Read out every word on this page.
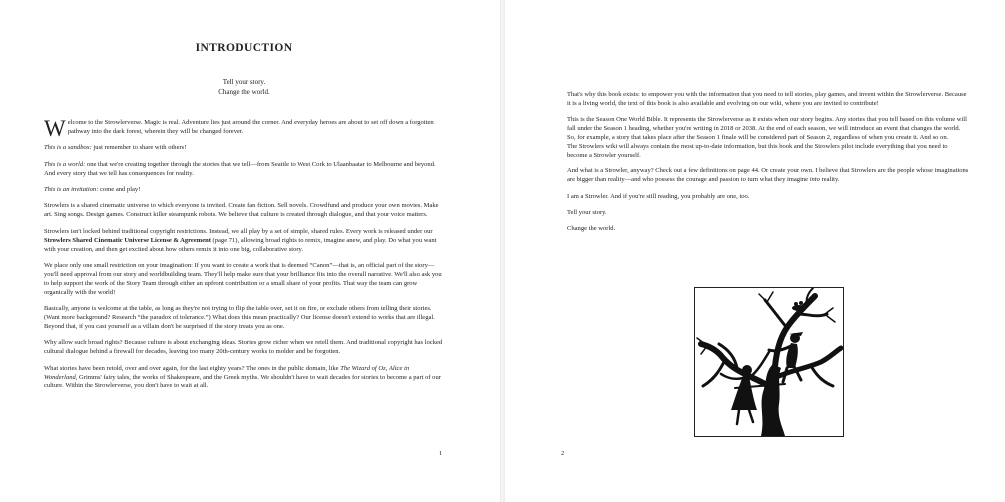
INTRODUCTION
Tell your story.
Change the world.

Welcome to the Strowlerverse. Magic is real. Adventure lies just around the corner. And everyday heroes are about to set off down a forgotten pathway into the dark forest, wherein they will be changed forever.

This is a sandbox: just remember to share with others!

This is a world: one that we're creating together through the stories that we tell—from Seattle to West Cork to Ulaanbaatar to Melbourne and beyond. And every story that we tell has consequences for reality.

This is an invitation: come and play!

Strowlers is a shared cinematic universe to which everyone is invited. Create fan fiction. Sell novels. Crowdfund and produce your own movies. Make art. Sing songs. Design games. Construct killer steampunk robots. We believe that culture is created through dialogue, and that your voice matters.

Strowlers isn't locked behind traditional copyright restrictions. Instead, we all play by a set of simple, shared rules. Every work is released under our Strowlers Shared Cinematic Universe License & Agreement (page 71), allowing broad rights to remix, imagine anew, and play. Do what you want with your creation, and then get excited about how others remix it into one big, collaborative story.

We place only one small restriction on your imagination: If you want to create a work that is deemed “Canon”—that is, an official part of the story—you'll need approval from our story and worldbuilding team. They'll help make sure that your brilliance fits into the overall narrative. We'll also ask you to help support the work of the Story Team through either an upfront contribution or a small share of your profits. That way the team can grow organically with the world!

Basically, anyone is welcome at the table, as long as they're not trying to flip the table over, set it on fire, or exclude others from telling their stories. (Want more background? Research “the paradox of tolerance.”) What does this mean practically? Our license doesn't extend to works that are illegal. Beyond that, if you cast yourself as a villain don't be surprised if the story treats you as one.

Why allow such broad rights? Because culture is about exchanging ideas. Stories grow richer when we retell them. And traditional copyright has locked cultural dialogue behind a firewall for decades, leaving too many 20th-century works to molder and be forgotten.

What stories have been retold, over and over again, for the last eighty years? The ones in the public domain, like The Wizard of Oz, Alice in Wonderland, Grimms' fairy tales, the works of Shakespeare, and the Greek myths. We shouldn't have to wait decades for stories to become a part of our culture. Within the Strowlerverse, you don't have to wait at all.

1

That's why this book exists: to empower you with the information that you need to tell stories, play games, and invent within the Strowlerverse. Because it is a living world, the text of this book is also available and evolving on our wiki, where you are invited to contribute!

This is the Season One World Bible. It represents the Strowlerverse as it exists when our story begins. Any stories that you tell based on this volume will fall under the Season 1 heading, whether you're writing in 2018 or 2038. At the end of each season, we will introduce an event that changes the world. So, for example, a story that takes place after the Season 1 finale will be considered part of Season 2, regardless of when you create it. And so on.
The Strowlers wiki will always contain the most up-to-date information, but this book and the Strowlers pilot include everything that you need to become a Strowler yourself.

And what is a Strowler, anyway? Check out a few definitions on page 44. Or create your own. I believe that Strowlers are the people whose imaginations are bigger than reality—and who possess the courage and passion to turn what they imagine into reality.

I am a Strowler. And if you're still reading, you probably are one, too.

Tell your story.

Change the world.

2
